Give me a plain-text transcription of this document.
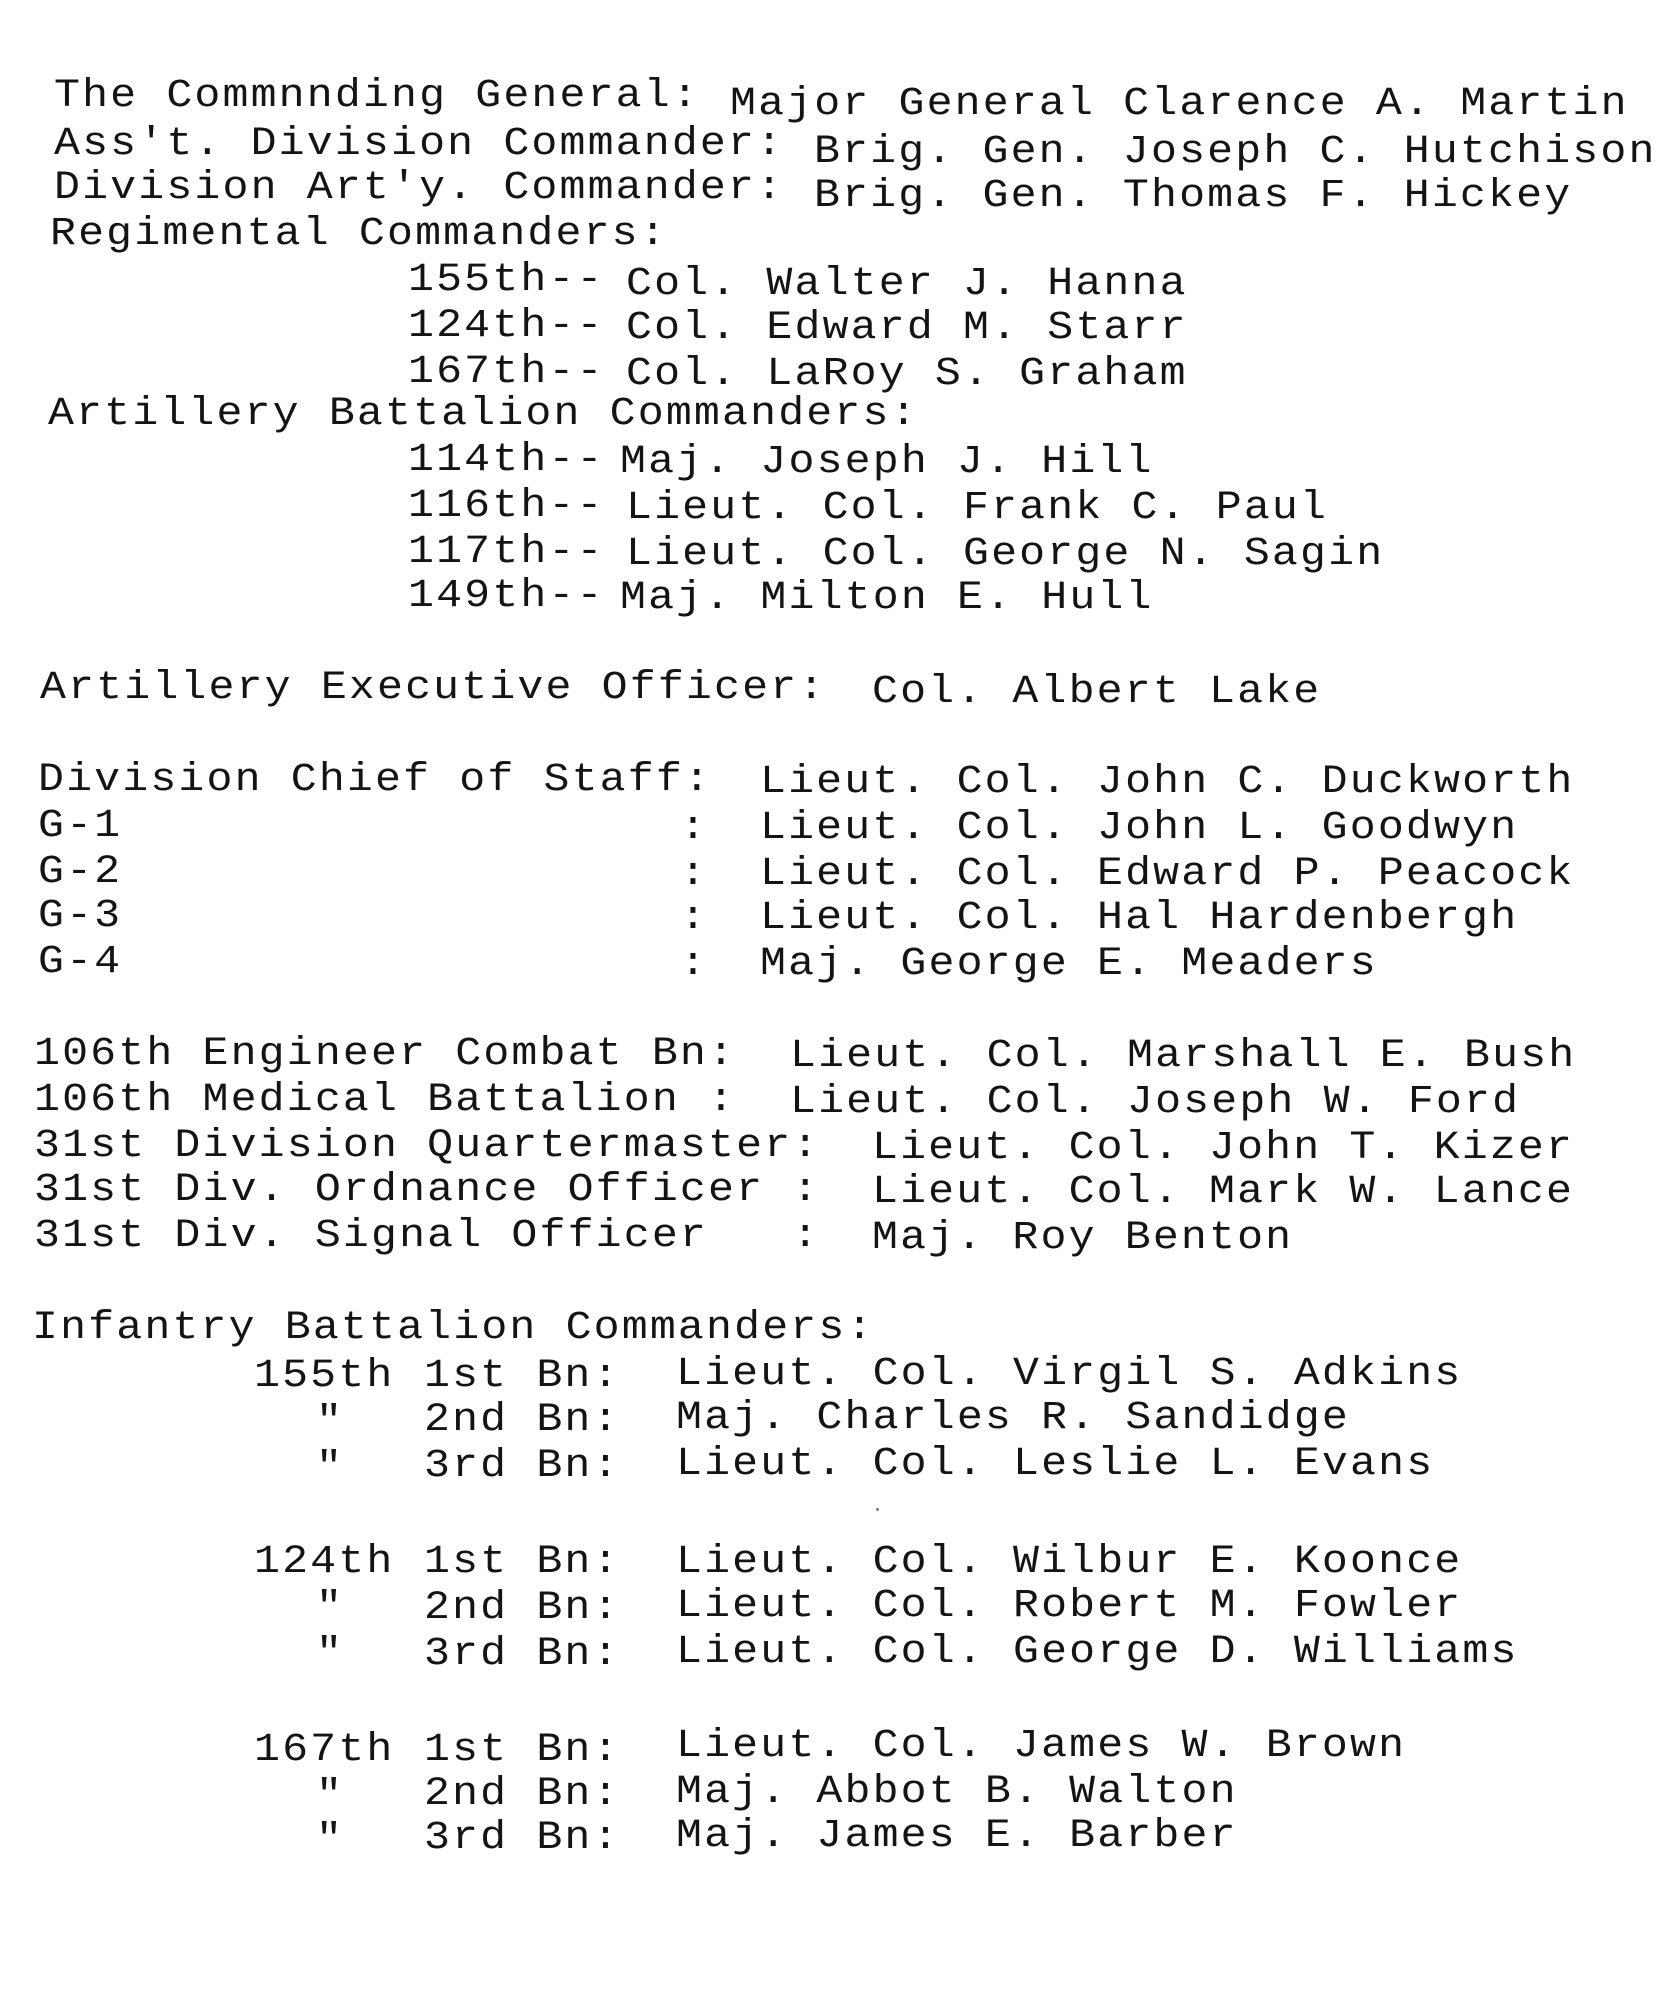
The Commnnding General: Major General Clarence A. Martin
Ass't. Division Commander: Brig. Gen. Joseph C. Hutchison
Division Art'y. Commander: Brig. Gen. Thomas F. Hickey
Regimental Commanders:
155th-- Col. Walter J. Hanna
124th-- Col. Edward M. Starr
167th-- Col. LaRoy S. Graham
Artillery Battalion Commanders:
114th-- Maj. Joseph J. Hill
116th-- Lieut. Col. Frank C. Paul
117th-- Lieut. Col. George N. Sagin
149th-- Maj. Milton E. Hull
Artillery Executive Officer: Col. Albert Lake
Division Chief of Staff: Lieut. Col. John C. Duckworth
G-1	: Lieut. Col. John L. Goodwyn
G-2	: Lieut. Col. Edward P. Peacock
G-3	: Lieut. Col. Hal Hardenbergh
G-4	: Maj. George E. Meaders
106th Engineer Combat Bn: Lieut. Col. Marshall E. Bush
106th Medical Battalion : Lieut. Col. Joseph W. Ford
31st Division Quartermaster: Lieut. Col. John T. Kizer
31st Div. Ordnance Officer : Lieut. Col. Mark W. Lance
31st Div. Signal Officer   : Maj. Roy Benton
Infantry Battalion Commanders:
155th 1st Bn: Lieut. Col. Virgil S. Adkins
" 2nd Bn: Maj. Charles R. Sandidge
" 3rd Bn: Lieut. Col. Leslie L. Evans
124th 1st Bn: Lieut. Col. Wilbur E. Koonce
" 2nd Bn: Lieut. Col. Robert M. Fowler
" 3rd Bn: Lieut. Col. George D. Williams
167th 1st Bn: Lieut. Col. James W. Brown
" 2nd Bn: Maj. Abbot B. Walton
" 3rd Bn: Maj. James E. Barber
